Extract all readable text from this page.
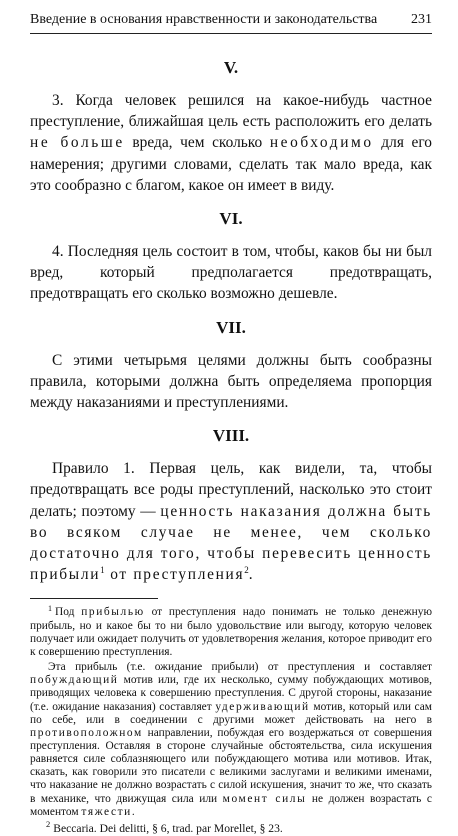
Введение в основания нравственности и законодательства 231
V.

3. Когда человек решился на какое-нибудь частное преступление, ближайшая цель есть расположить его делать не больше вреда, чем сколько необходимо для его намерения; другими словами, сделать так мало вреда, как это сообразно с благом, какое он имеет в виду.

VI.

4. Последняя цель состоит в том, чтобы, каков бы ни был вред, который предполагается предотвращать, предотвращать его сколько возможно дешевле.

VII.

С этими четырьмя целями должны быть сообразны правила, которыми должна быть определяема пропорция между наказаниями и преступлениями.

VIII.

Правило 1. Первая цель, как видели, та, чтобы предотвращать все роды преступлений, насколько это стоит делать; поэтому — ценность наказания должна быть во всяком случае не менее, чем сколько достаточно для того, чтобы перевесить ценность прибыли$^1$ от преступления$^2$.

$^1$ Под прибылью от преступления надо понимать не только денежную прибыль, но и какое бы то ни было удовольствие или выгоду, которую человек получает или ожидает получить от удовлетворения желания, которое приводит его к совершению преступления.

Эта прибыль (т.е. ожидание прибыли) от преступления и составляет побуждающий мотив или, где их несколько, сумму побуждающих мотивов, приводящих человека к совершению преступления. С другой стороны, наказание (т.е. ожидание наказания) составляет удерживающий мотив, который или сам по себе, или в соединении с другими может действовать на него в противоположном направлении, побуждая его воздержаться от совершения преступления. Оставляя в стороне случайные обстоятельства, сила искушения равняется силе соблазняющего или побуждающего мотива или мотивов. Итак, сказать, как говорили это писатели с великими заслугами и великими именами, что наказание не должно возрастать с силой искушения, значит то же, что сказать в механике, что движущая сила или момент силы не должен возрастать с моментом тяжести.

$^2$ Beccaria. Dei delitti, § 6, trad. par Morellet, § 23.
